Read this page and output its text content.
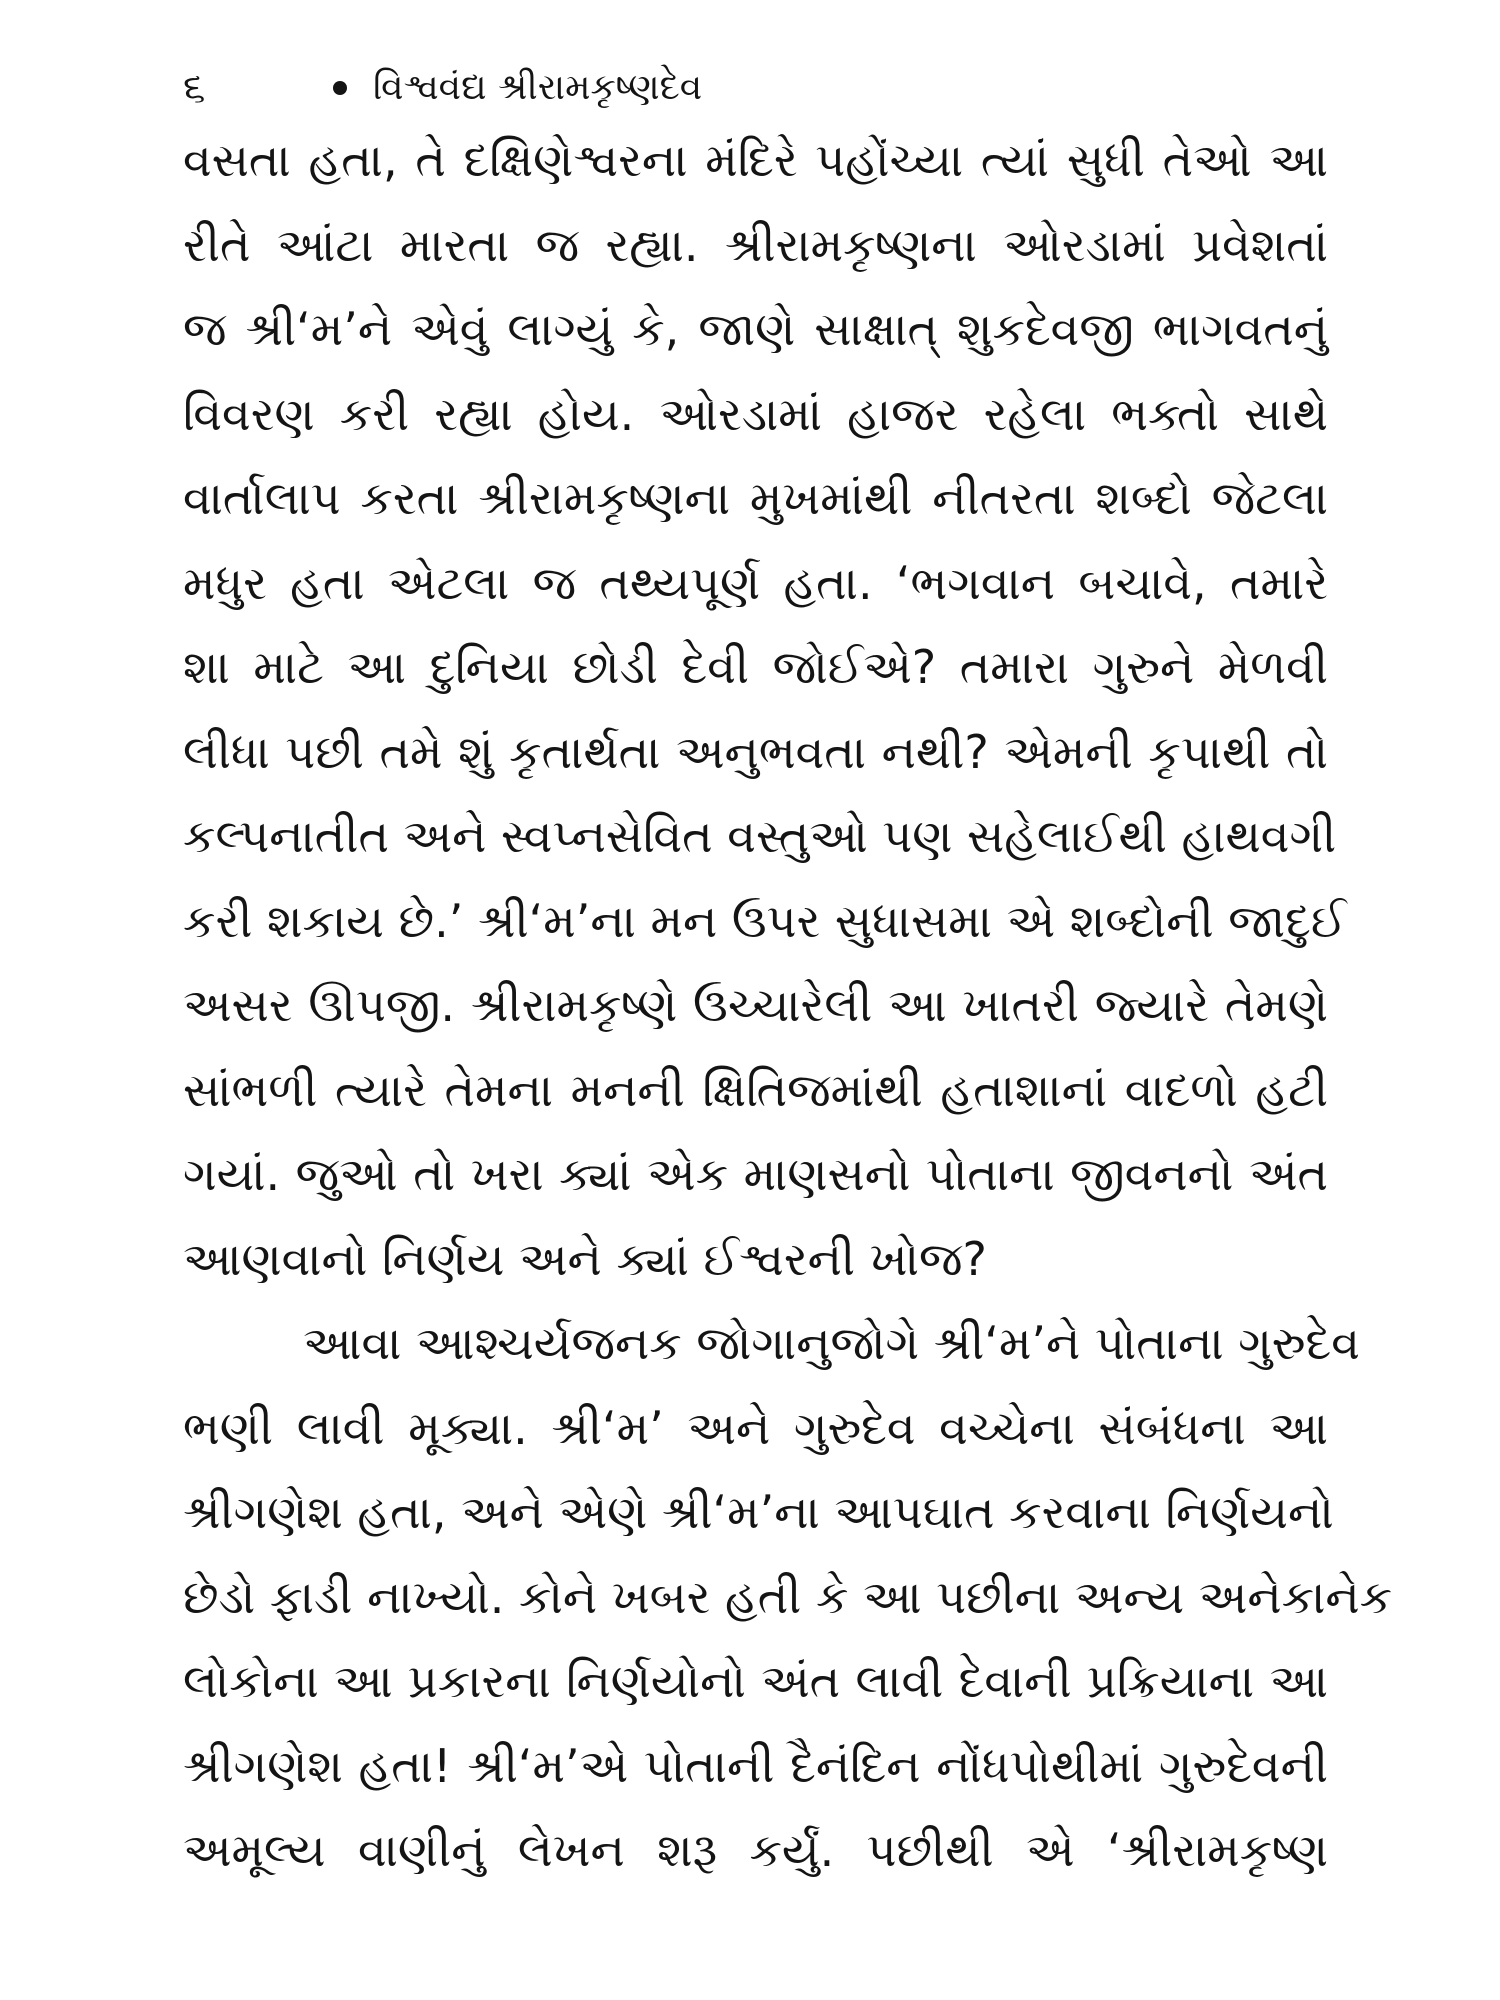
૬	વિશ્વવંદ્ય શ્રીરામકૃષ્ણદેવ
વસતા હતા, તે દક્ષિણેશ્વરના મંદિરે પહોંચ્યા ત્યાં સુધી તેઓ આ
રીતે આંટા મારતા જ રહ્યા. શ્રીરામકૃષ્ણના ઓરડામાં પ્રવેશતાં
જ શ્રી‘મ’ને એવું લાગ્યું કે, જાણે સાક્ષાત્ શુકદેવજી ભાગવતનું
વિવરણ કરી રહ્યા હોય. ઓરડામાં હાજર રહેલા ભક્તો સાથે
વાર્તાલાપ કરતા શ્રીરામકૃષ્ણના મુખમાંથી નીતરતા શબ્દો જેટલા
મધુર હતા એટલા જ તથ્યપૂર્ણ હતા. ‘ભગવાન બચાવે, તમારે
શા માટે આ દુનિયા છોડી દેવી જોઈએ? તમારા ગુરુને મેળવી
લીધા પછી તમે શું કૃતાર્થતા અનુભવતા નથી? એમની કૃપાથી તો
કલ્પનાતીત અને સ્વપ્નસેવિત વસ્તુઓ પણ સહેલાઈથી હાથવગી
કરી શકાય છે.’ શ્રી‘મ’ના મન ઉપર સુધાસમા એ શબ્દોની જાદુઈ
અસર ઊપજી. શ્રીરામકૃષ્ણે ઉચ્ચારેલી આ ખાતરી જ્યારે તેમણે
સાંભળી ત્યારે તેમના મનની ક્ષિતિજમાંથી હતાશાનાં વાદળો હટી
ગયાં. જુઓ તો ખરા ક્યાં એક માણસનો પોતાના જીવનનો અંત
આણવાનો નિર્ણય અને ક્યાં ઈશ્વરની ખોજ?
આવા આશ્ચર્યજનક જોગાનુજોગે શ્રી‘મ’ને પોતાના ગુરુદેવ
ભણી લાવી મૂક્યા. શ્રી‘મ’ અને ગુરુદેવ વચ્ચેના સંબંધના આ
શ્રીગણેશ હતા, અને એણે શ્રી‘મ’ના આપઘાત કરવાના નિર્ણયનો
છેડો ફાડી નાખ્યો. કોને ખબર હતી કે આ પછીના અન્ય અનેકાનેક
લોકોના આ પ્રકારના નિર્ણયોનો અંત લાવી દેવાની પ્રક્રિયાના આ
શ્રીગણેશ હતા! શ્રી‘મ’એ પોતાની દૈનંદિન નોંધપોથીમાં ગુરુદેવની
અમૂલ્ય વાણીનું લેખન શરૂ કર્યું. પછીથી એ ‘શ્રીરામકૃષ્ણ
